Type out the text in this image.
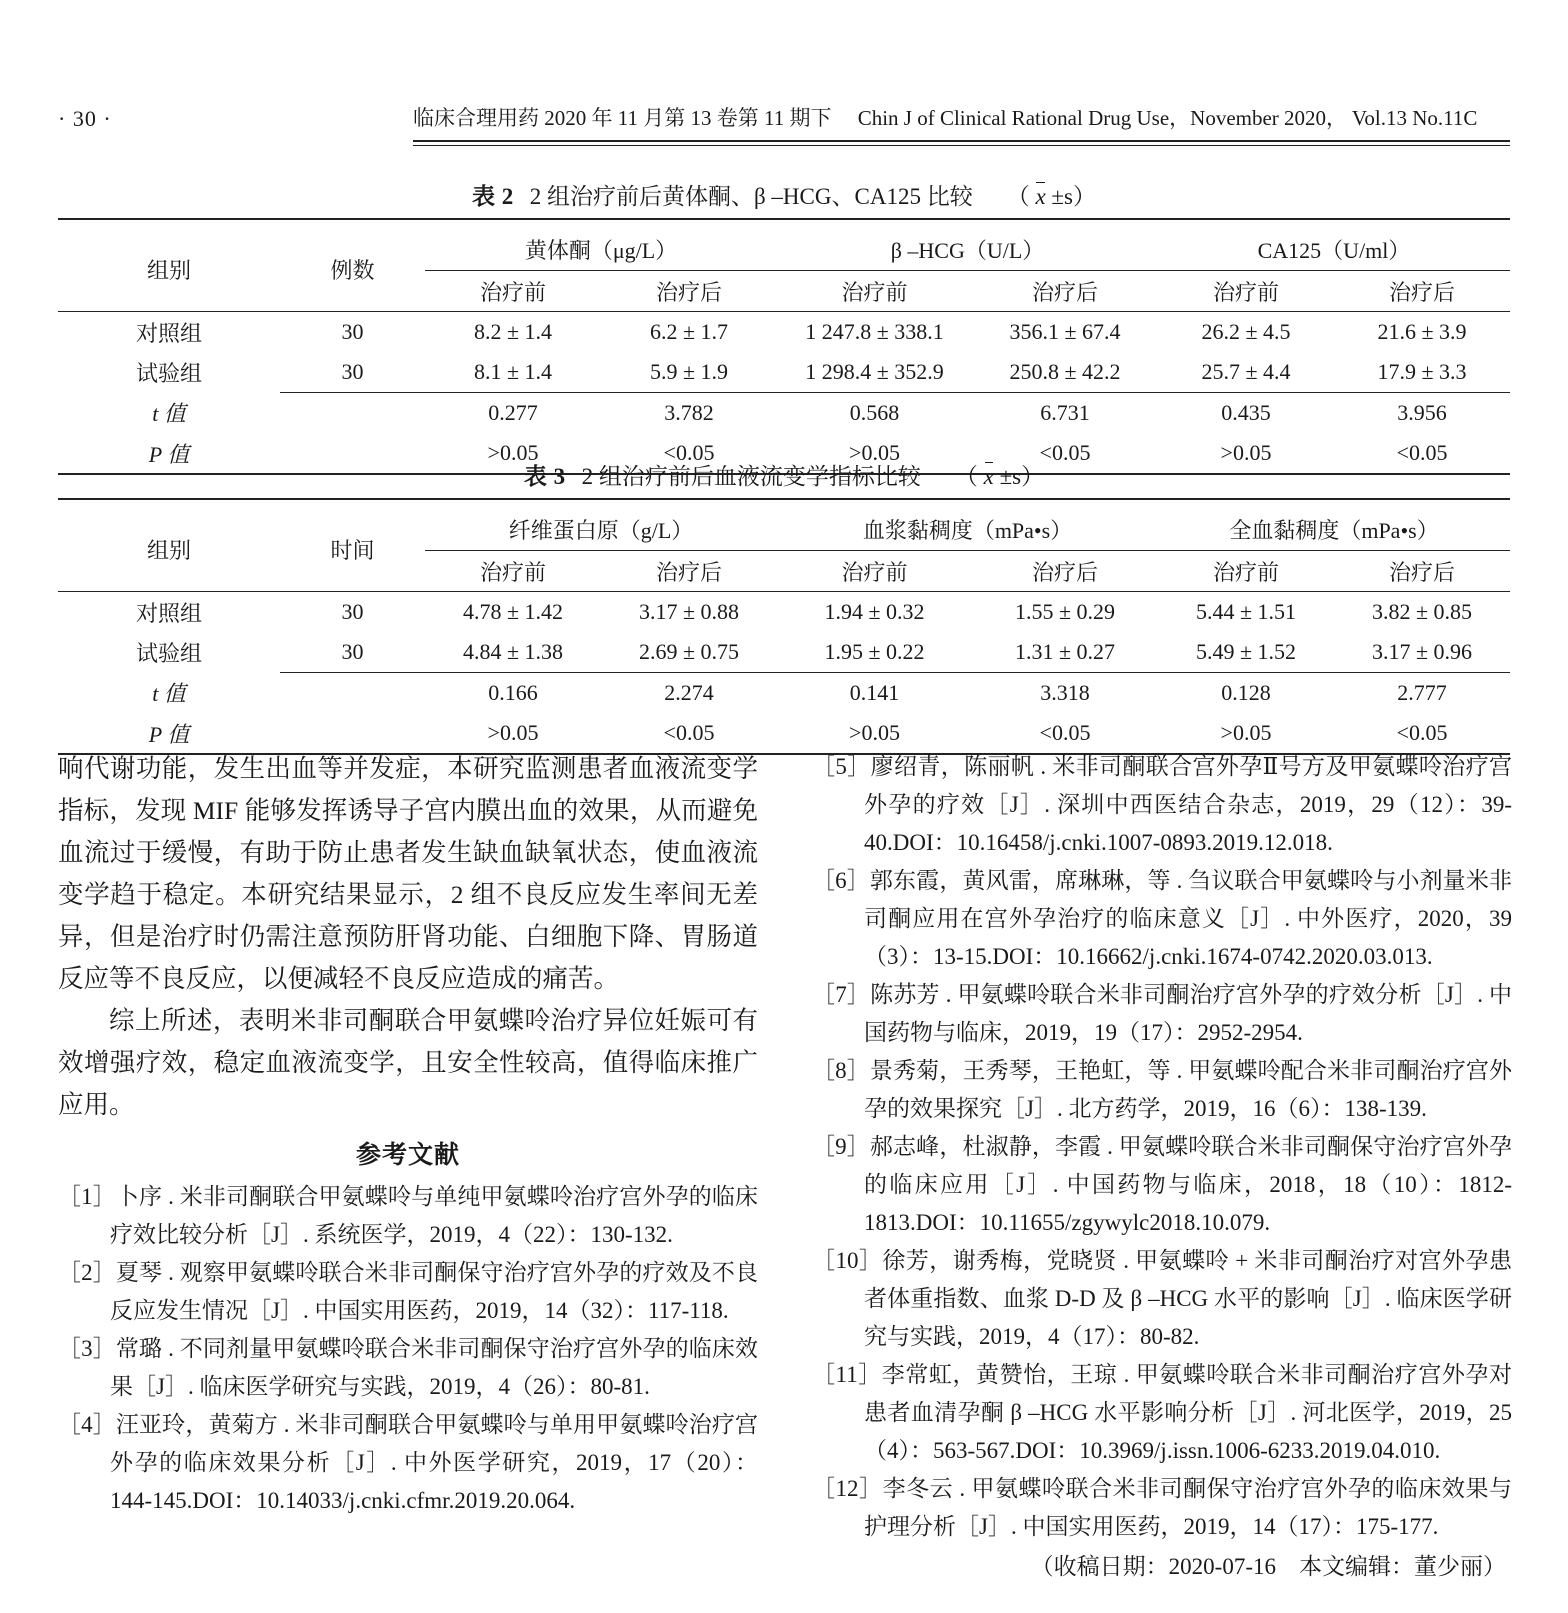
· 30 ·	临床合理用药 2020 年 11 月第 13 卷第 11 期下　 Chin J of Clinical Rational Drug Use，November 2020， Vol.13 No.11C
表 2 2 组治疗前后黄体酮、β –HCG、CA125 比较 （ x ±s）
组别	例数	黄体酮（μg/L）		β –HCG（U/L）		CA125（U/ml）	
		治疗前	治疗后	治疗前	治疗后	治疗前	治疗后
对照组	30	8.2 ± 1.4	6.2 ± 1.7	1 247.8 ± 338.1	356.1 ± 67.4	26.2 ± 4.5	21.6 ± 3.9
试验组	30	8.1 ± 1.4	5.9 ± 1.9	1 298.4 ± 352.9	250.8 ± 42.2	25.7 ± 4.4	17.9 ± 3.3
t 值		0.277	3.782	0.568	6.731	0.435	3.956
P 值		>0.05	<0.05	>0.05	<0.05	>0.05	<0.05
表 3 2 组治疗前后血液流变学指标比较 （ x ±s）
组别	时间	纤维蛋白原（g/L）		血浆黏稠度（mPa•s）		全血黏稠度（mPa•s）	
		治疗前	治疗后	治疗前	治疗后	治疗前	治疗后
对照组	30	4.78 ± 1.42	3.17 ± 0.88	1.94 ± 0.32	1.55 ± 0.29	5.44 ± 1.51	3.82 ± 0.85
试验组	30	4.84 ± 1.38	2.69 ± 0.75	1.95 ± 0.22	1.31 ± 0.27	5.49 ± 1.52	3.17 ± 0.96
t 值		0.166	2.274	0.141	3.318	0.128	2.777
P 值		>0.05	<0.05	>0.05	<0.05	>0.05	<0.05

响代谢功能，发生出血等并发症，本研究监测患者血液流变学指标，发现 MIF 能够发挥诱导子宫内膜出血的效果，从而避免血流过于缓慢，有助于防止患者发生缺血缺氧状态，使血液流变学趋于稳定。本研究结果显示，2 组不良反应发生率间无差异，但是治疗时仍需注意预防肝肾功能、白细胞下降、胃肠道反应等不良反应，以便减轻不良反应造成的痛苦。

综上所述，表明米非司酮联合甲氨蝶呤治疗异位妊娠可有效增强疗效，稳定血液流变学，且安全性较高，值得临床推广应用。

参考文献

［1］卜序 . 米非司酮联合甲氨蝶呤与单纯甲氨蝶呤治疗宫外孕的临床疗效比较分析［J］. 系统医学，2019，4（22）：130-132.

［2］夏琴 . 观察甲氨蝶呤联合米非司酮保守治疗宫外孕的疗效及不良反应发生情况［J］. 中国实用医药，2019，14（32）：117-118.

［3］常璐 . 不同剂量甲氨蝶呤联合米非司酮保守治疗宫外孕的临床效果［J］. 临床医学研究与实践，2019，4（26）：80-81.

［4］汪亚玲，黄菊方 . 米非司酮联合甲氨蝶呤与单用甲氨蝶呤治疗宫外孕的临床效果分析［J］. 中外医学研究，2019，17（20）：144-145.DOI：10.14033/j.cnki.cfmr.2019.20.064.

［5］廖绍青，陈丽帆 . 米非司酮联合宫外孕Ⅱ号方及甲氨蝶呤治疗宫外孕的疗效［J］. 深圳中西医结合杂志，2019，29（12）：39-40.DOI：10.16458/j.cnki.1007-0893.2019.12.018.

［6］郭东霞，黄风雷，席琳琳，等 . 刍议联合甲氨蝶呤与小剂量米非司酮应用在宫外孕治疗的临床意义［J］. 中外医疗，2020，39（3）：13-15.DOI：10.16662/j.cnki.1674-0742.2020.03.013.

［7］陈苏芳 . 甲氨蝶呤联合米非司酮治疗宫外孕的疗效分析［J］. 中国药物与临床，2019，19（17）：2952-2954.

［8］景秀菊，王秀琴，王艳虹，等 . 甲氨蝶呤配合米非司酮治疗宫外孕的效果探究［J］. 北方药学，2019，16（6）：138-139.

［9］郝志峰，杜淑静，李霞 . 甲氨蝶呤联合米非司酮保守治疗宫外孕的临床应用［J］. 中国药物与临床，2018，18（10）：1812-1813.DOI：10.11655/zgywylc2018.10.079.

［10］徐芳，谢秀梅，党晓贤 . 甲氨蝶呤 + 米非司酮治疗对宫外孕患者体重指数、血浆 D-D 及 β –HCG 水平的影响［J］. 临床医学研究与实践，2019，4（17）：80-82.

［11］李常虹，黄赞怡，王琼 . 甲氨蝶呤联合米非司酮治疗宫外孕对患者血清孕酮 β –HCG 水平影响分析［J］. 河北医学，2019，25（4）：563-567.DOI：10.3969/j.issn.1006-6233.2019.04.010.

［12］李冬云 . 甲氨蝶呤联合米非司酮保守治疗宫外孕的临床效果与护理分析［J］. 中国实用医药，2019，14（17）：175-177.

（收稿日期：2020-07-16　本文编辑：董少丽）
